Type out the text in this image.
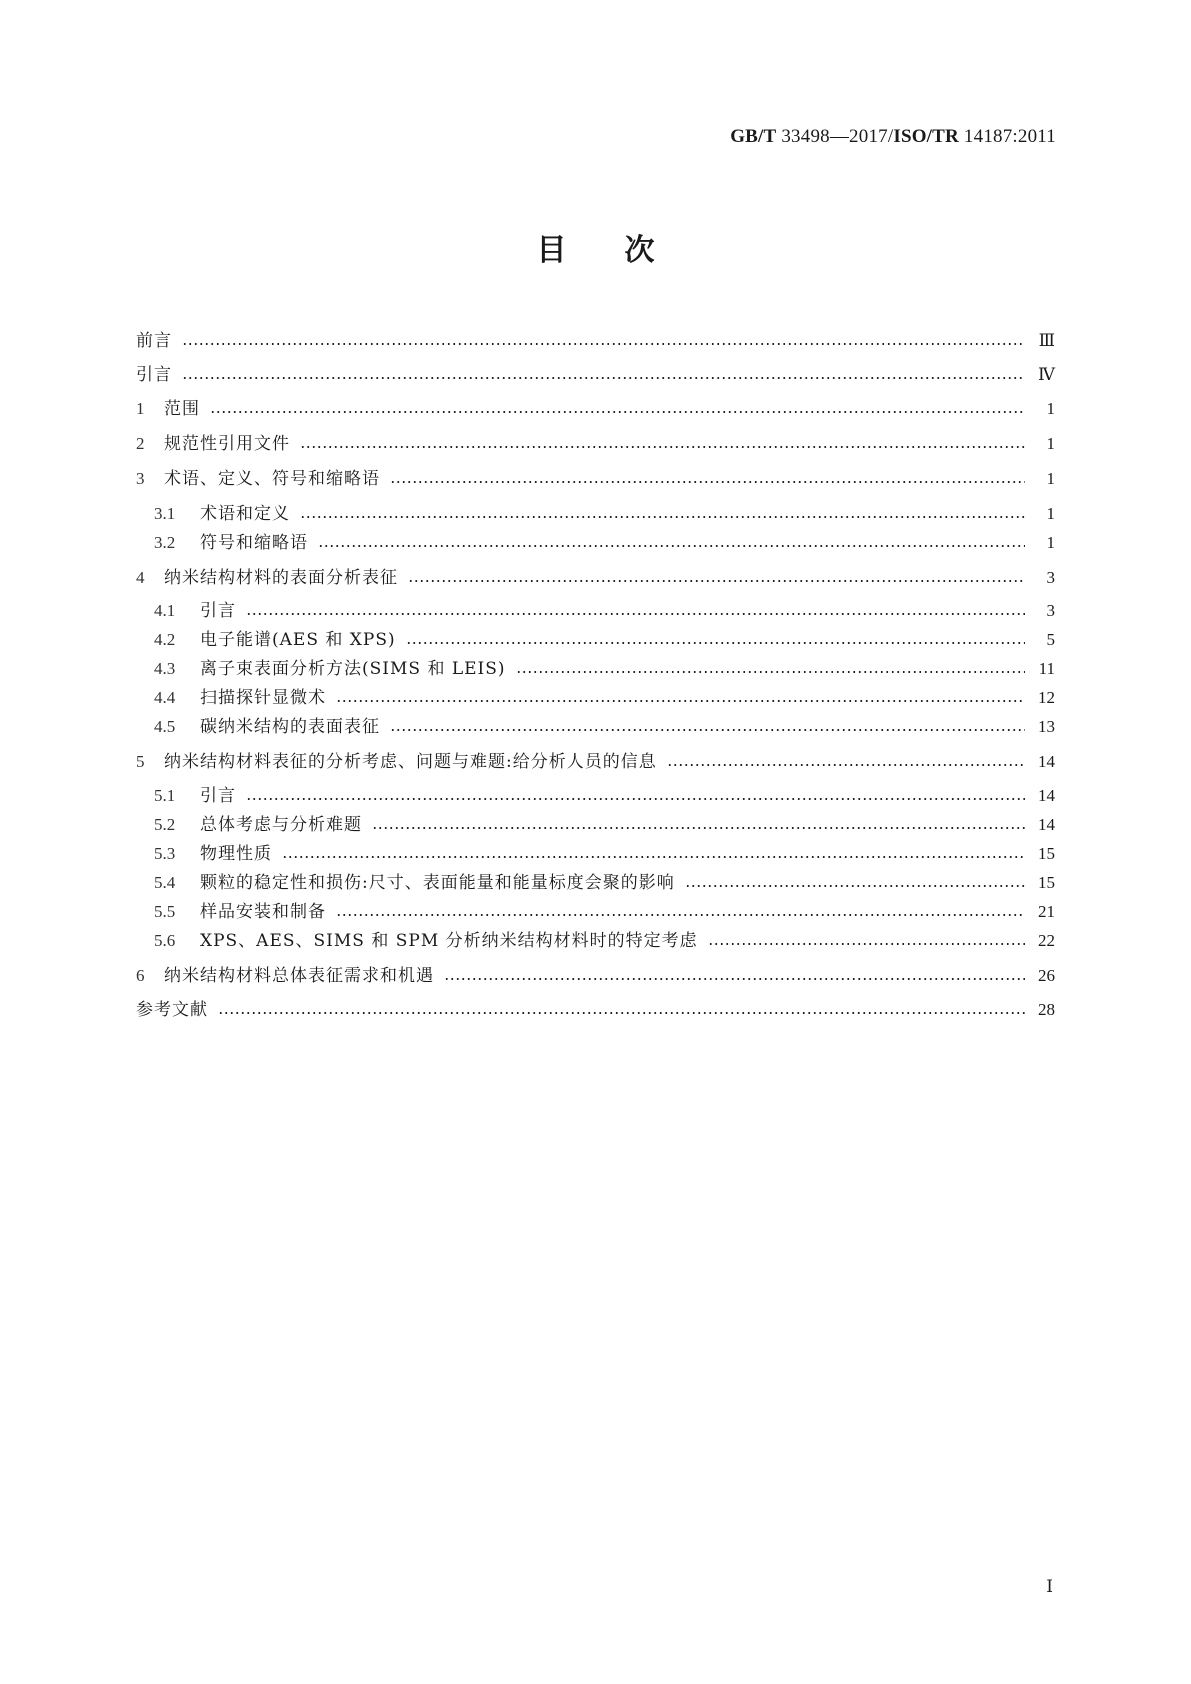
GB/T 33498—2017/ISO/TR 14187:2011
目次
前言	Ⅲ
引言	Ⅳ
1	范围	1
2	规范性引用文件	1
3	术语、定义、符号和缩略语	1
3.1	术语和定义	1
3.2	符号和缩略语	1
4	纳米结构材料的表面分析表征	3
4.1	引言	3
4.2	电子能谱(AES 和 XPS)	5
4.3	离子束表面分析方法(SIMS 和 LEIS)	11
4.4	扫描探针显微术	12
4.5	碳纳米结构的表面表征	13
5	纳米结构材料表征的分析考虑、问题与难题:给分析人员的信息	14
5.1	引言	14
5.2	总体考虑与分析难题	14
5.3	物理性质	15
5.4	颗粒的稳定性和损伤:尺寸、表面能量和能量标度会聚的影响	15
5.5	样品安装和制备	21
5.6	XPS、AES、SIMS 和 SPM 分析纳米结构材料时的特定考虑	22
6	纳米结构材料总体表征需求和机遇	26
参考文献	28
Ⅰ
